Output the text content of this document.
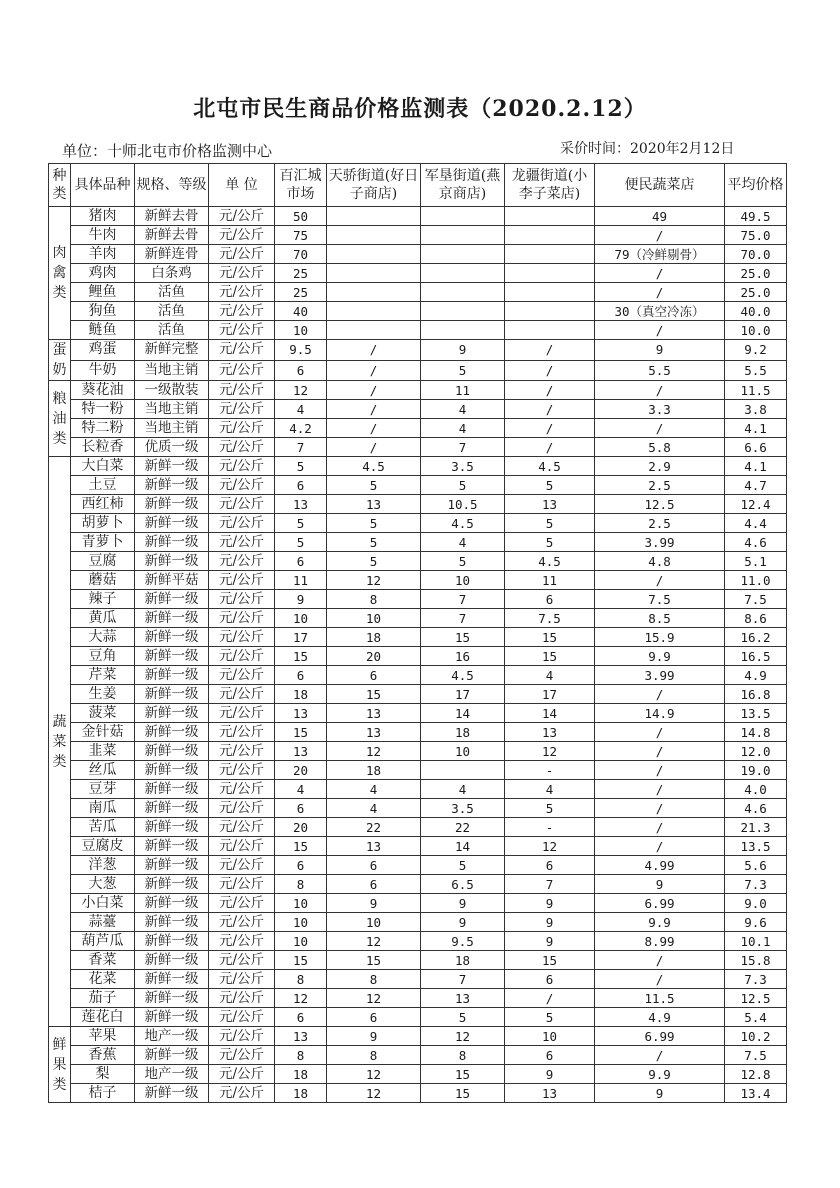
北屯市民生商品价格监测表（2020.2.12）
单位：十师北屯市价格监测中心	采价时间：2020年2月12日
种类	具体品种	规格、等级	单 位	百汇城市场	天骄街道(好日子商店)	军垦街道(燕京商店)	龙疆街道(小李子菜店)	便民蔬菜店	平均价格
肉禽类	猪肉	新鲜去骨	元/公斤	50				49	49.5
	牛肉	新鲜去骨	元/公斤	75				/	75.0
	羊肉	新鲜连骨	元/公斤	70				79（冷鲜剔骨）	70.0
	鸡肉	白条鸡	元/公斤	25				/	25.0
	鲤鱼	活鱼	元/公斤	25				/	25.0
	狗鱼	活鱼	元/公斤	40				30（真空冷冻）	40.0
	鲢鱼	活鱼	元/公斤	10				/	10.0
蛋奶	鸡蛋	新鲜完整	元/公斤	9.5	/	9	/	9	9.2
	牛奶	当地主销	元/公斤	6	/	5	/	5.5	5.5
粮油类	葵花油	一级散装	元/公斤	12	/	11	/	/	11.5
	特一粉	当地主销	元/公斤	4	/	4	/	3.3	3.8
	特二粉	当地主销	元/公斤	4.2	/	4	/	/	4.1
	长粒香	优质一级	元/公斤	7	/	7	/	5.8	6.6
蔬菜类	大白菜	新鲜一级	元/公斤	5	4.5	3.5	4.5	2.9	4.1
	土豆	新鲜一级	元/公斤	6	5	5	5	2.5	4.7
	西红柿	新鲜一级	元/公斤	13	13	10.5	13	12.5	12.4
	胡萝卜	新鲜一级	元/公斤	5	5	4.5	5	2.5	4.4
	青萝卜	新鲜一级	元/公斤	5	5	4	5	3.99	4.6
	豆腐	新鲜一级	元/公斤	6	5	5	4.5	4.8	5.1
	蘑菇	新鲜平菇	元/公斤	11	12	10	11	/	11.0
	辣子	新鲜一级	元/公斤	9	8	7	6	7.5	7.5
	黄瓜	新鲜一级	元/公斤	10	10	7	7.5	8.5	8.6
	大蒜	新鲜一级	元/公斤	17	18	15	15	15.9	16.2
	豆角	新鲜一级	元/公斤	15	20	16	15	9.9	16.5
	芹菜	新鲜一级	元/公斤	6	6	4.5	4	3.99	4.9
	生姜	新鲜一级	元/公斤	18	15	17	17	/	16.8
	菠菜	新鲜一级	元/公斤	13	13	14	14	14.9	13.5
	金针菇	新鲜一级	元/公斤	15	13	18	13	/	14.8
	韭菜	新鲜一级	元/公斤	13	12	10	12	/	12.0
	丝瓜	新鲜一级	元/公斤	20	18		-	/	19.0
	豆芽	新鲜一级	元/公斤	4	4	4	4	/	4.0
	南瓜	新鲜一级	元/公斤	6	4	3.5	5	/	4.6
	苦瓜	新鲜一级	元/公斤	20	22	22	-	/	21.3
	豆腐皮	新鲜一级	元/公斤	15	13	14	12	/	13.5
	洋葱	新鲜一级	元/公斤	6	6	5	6	4.99	5.6
	大葱	新鲜一级	元/公斤	8	6	6.5	7	9	7.3
	小白菜	新鲜一级	元/公斤	10	9	9	9	6.99	9.0
	蒜薹	新鲜一级	元/公斤	10	10	9	9	9.9	9.6
	葫芦瓜	新鲜一级	元/公斤	10	12	9.5	9	8.99	10.1
	香菜	新鲜一级	元/公斤	15	15	18	15	/	15.8
	花菜	新鲜一级	元/公斤	8	8	7	6	/	7.3
	茄子	新鲜一级	元/公斤	12	12	13	/	11.5	12.5
	莲花白	新鲜一级	元/公斤	6	6	5	5	4.9	5.4
鲜果类	苹果	地产一级	元/公斤	13	9	12	10	6.99	10.2
	香蕉	新鲜一级	元/公斤	8	8	8	6	/	7.5
	梨	地产一级	元/公斤	18	12	15	9	9.9	12.8
	桔子	新鲜一级	元/公斤	18	12	15	13	9	13.4
